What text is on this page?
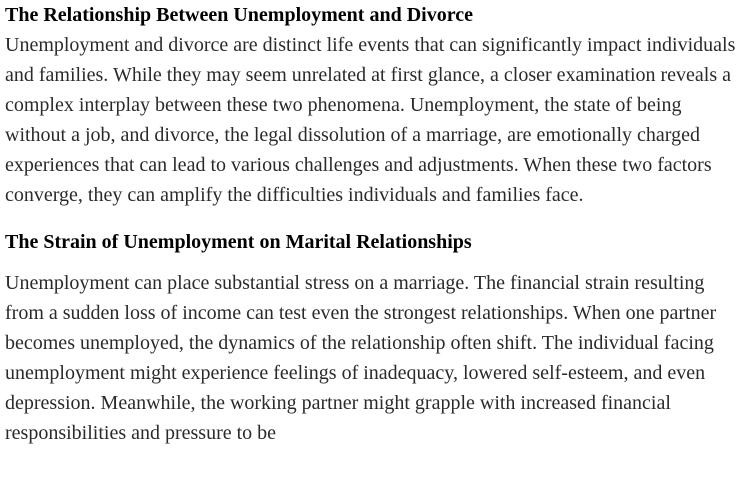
The Relationship Between Unemployment and Divorce

Unemployment and divorce are distinct life events that can significantly impact individuals and families. While they may seem unrelated at first glance, a closer examination reveals a complex interplay between these two phenomena. Unemployment, the state of being without a job, and divorce, the legal dissolution of a marriage, are emotionally charged experiences that can lead to various challenges and adjustments. When these two factors converge, they can amplify the difficulties individuals and families face.

The Strain of Unemployment on Marital Relationships

Unemployment can place substantial stress on a marriage. The financial strain resulting from a sudden loss of income can test even the strongest relationships. When one partner becomes unemployed, the dynamics of the relationship often shift. The individual facing unemployment might experience feelings of inadequacy, lowered self-esteem, and even depression. Meanwhile, the working partner might grapple with increased financial responsibilities and pressure to be
